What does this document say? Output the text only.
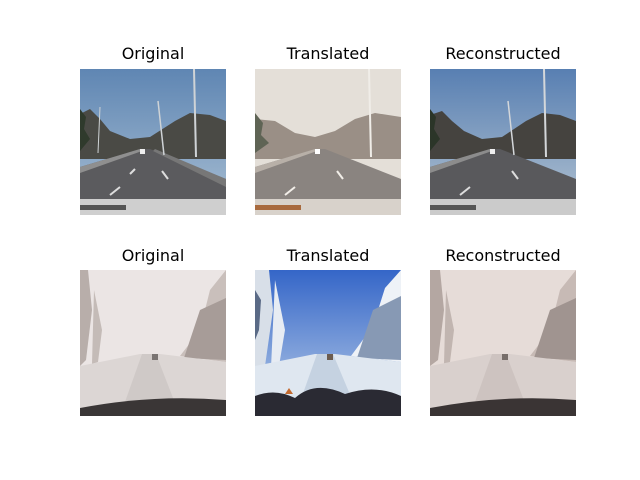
Original	Translated	Reconstructed
Original	Translated	Reconstructed
